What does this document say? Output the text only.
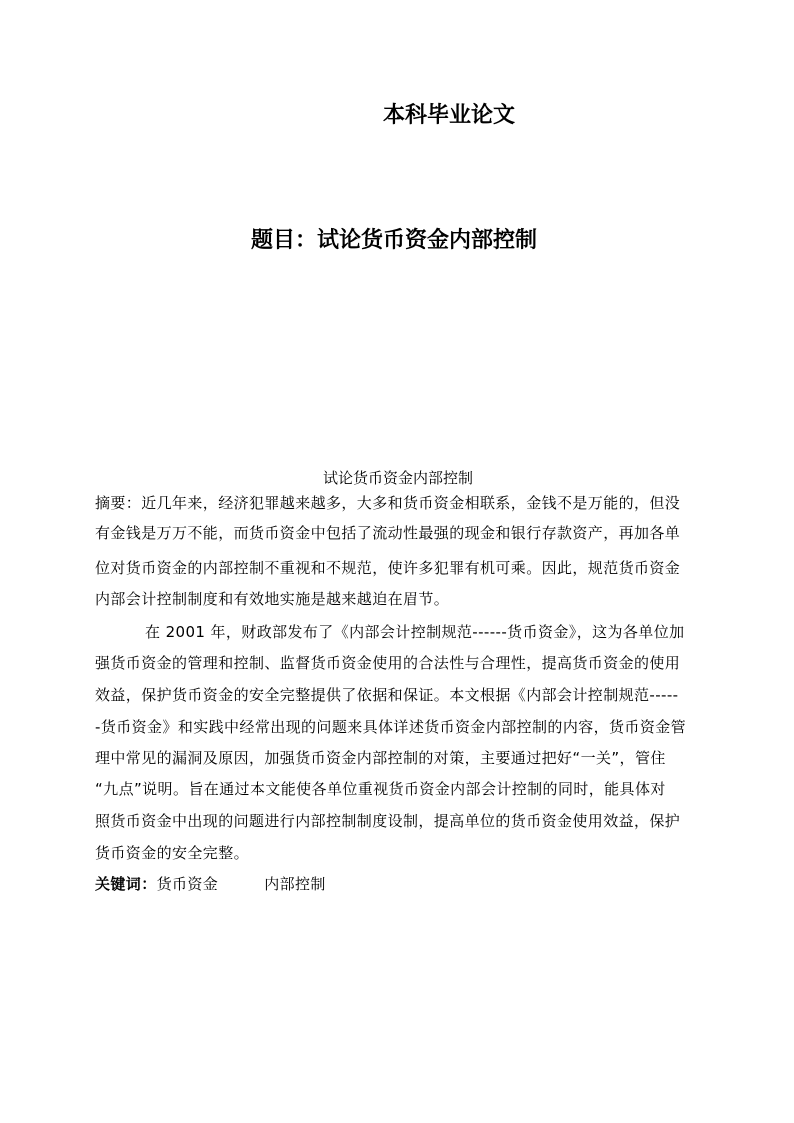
本科毕业论文
题目：试论货币资金内部控制
试论货币资金内部控制
摘要：近几年来，经济犯罪越来越多，大多和货币资金相联系，金钱不是万能的，但没
有金钱是万万不能，而货币资金中包括了流动性最强的现金和银行存款资产，再加各单
位对货币资金的内部控制不重视和不规范，使许多犯罪有机可乘。因此，规范货币资金
内部会计控制制度和有效地实施是越来越迫在眉节。
在 2001 年，财政部发布了《内部会计控制规范------货币资金》，这为各单位加
强货币资金的管理和控制、监督货币资金使用的合法性与合理性，提高货币资金的使用
效益，保护货币资金的安全完整提供了依据和保证。本文根据《内部会计控制规范-----
-货币资金》和实践中经常出现的问题来具体详述货币资金内部控制的内容，货币资金管
理中常见的漏洞及原因，加强货币资金内部控制的对策，主要通过把好“一关”，管住
“九点”说明。旨在通过本文能使各单位重视货币资金内部会计控制的同时，能具体对
照货币资金中出现的问题进行内部控制制度设制，提高单位的货币资金使用效益，保护
货币资金的安全完整。
关键词：货币资金	内部控制
